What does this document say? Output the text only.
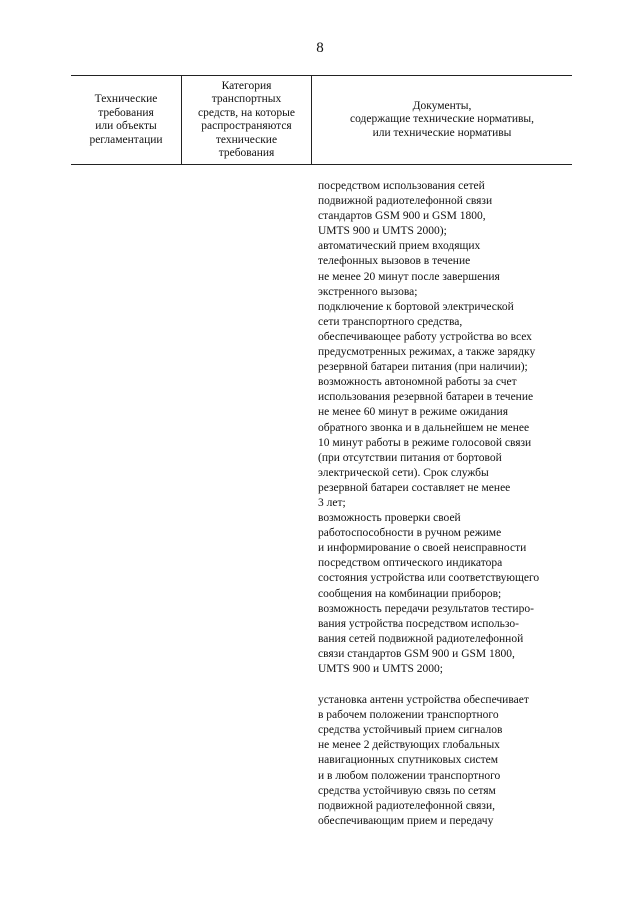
8
Технические
требования
или объекты
регламентации
Категория
транспортных
средств, на которые
распространяются
технические
требования
Документы,
содержащие технические нормативы,
или технические нормативы
посредством использования сетей
подвижной радиотелефонной связи
стандартов GSM 900 и GSM 1800,
UMTS 900 и UMTS 2000);
автоматический прием входящих
телефонных вызовов в течение
не менее 20 минут после завершения
экстренного вызова;
подключение к бортовой электрической
сети транспортного средства,
обеспечивающее работу устройства во всех
предусмотренных режимах, а также зарядку
резервной батареи питания (при наличии);
возможность автономной работы за счет
использования резервной батареи в течение
не менее 60 минут в режиме ожидания
обратного звонка и в дальнейшем не менее
10 минут работы в режиме голосовой связи
(при отсутствии питания от бортовой
электрической сети). Срок службы
резервной батареи составляет не менее
3 лет;
возможность проверки своей
работоспособности в ручном режиме
и информирование о своей неисправности
посредством оптического индикатора
состояния устройства или соответствующего
сообщения на комбинации приборов;
возможность передачи результатов тестиро-
вания устройства посредством использо-
вания сетей подвижной радиотелефонной
связи стандартов GSM 900 и GSM 1800,
UMTS 900 и UMTS 2000;
установка антенн устройства обеспечивает
в рабочем положении транспортного
средства устойчивый прием сигналов
не менее 2 действующих глобальных
навигационных спутниковых систем
и в любом положении транспортного
средства устойчивую связь по сетям
подвижной радиотелефонной связи,
обеспечивающим прием и передачу
